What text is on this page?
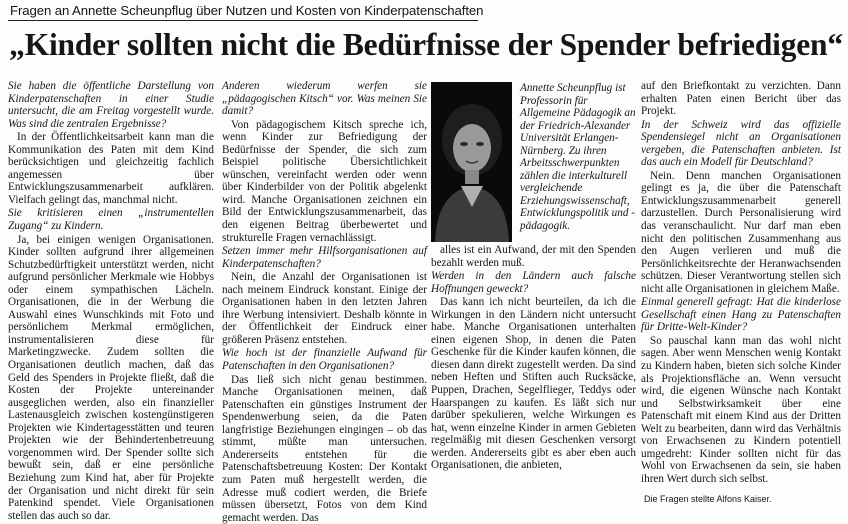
Fragen an Annette Scheunpflug über Nutzen und Kosten von Kinderpatenschaften
„Kinder sollten nicht die Bedürfnisse der Spender befriedigen“

Sie haben die öffentliche Darstellung von Kinderpatenschaften in einer Studie untersucht, die am Freitag vorgestellt wurde. Was sind die zentralen Ergebnisse?

In der Öffentlichkeitsarbeit kann man die Kommunikation des Paten mit dem Kind berücksichtigen und gleichzeitig fachlich angemessen über Entwicklungszusammenarbeit aufklären. Vielfach gelingt das, manchmal nicht.

Sie kritisieren einen „instrumentellen Zugang“ zu Kindern.

Ja, bei einigen wenigen Organisationen. Kinder sollten aufgrund ihrer allgemeinen Schutzbedürftigkeit unterstützt werden, nicht aufgrund persönlicher Merkmale wie Hobbys oder einem sympathischen Lächeln. Organisationen, die in der Werbung die Auswahl eines Wunschkinds mit Foto und persönlichem Merkmal ermöglichen, instrumentalisieren diese für Marketingzwecke. Zudem sollten die Organisationen deutlich machen, daß das Geld des Spenders in Projekte fließt, daß die Kosten der Projekte untereinander ausgeglichen werden, also ein finanzieller Lastenausgleich zwischen kostengünstigeren Projekten wie Kindertagesstätten und teuren Projekten wie der Behindertenbetreuung vorgenommen wird. Der Spender sollte sich bewußt sein, daß er eine persönliche Beziehung zum Kind hat, aber für Projekte der Organisation und nicht direkt für sein Patenkind spendet. Viele Organisationen stellen das auch so dar.

Anderen wiederum werfen sie „pädagogischen Kitsch“ vor. Was meinen Sie damit?

Von pädagogischem Kitsch spreche ich, wenn Kinder zur Befriedigung der Bedürfnisse der Spender, die sich zum Beispiel politische Übersichtlichkeit wünschen, vereinfacht werden oder wenn über Kinderbilder von der Politik abgelenkt wird. Manche Organisationen zeichnen ein Bild der Entwicklungszusammenarbeit, das den eigenen Beitrag überbewertet und strukturelle Fragen vernachlässigt.

Setzen immer mehr Hilfsorganisationen auf Kinderpatenschaften?

Nein, die Anzahl der Organisationen ist nach meinem Eindruck konstant. Einige der Organisationen haben in den letzten Jahren ihre Werbung intensiviert. Deshalb könnte in der Öffentlichkeit der Eindruck einer größeren Präsenz entstehen.

Wie hoch ist der finanzielle Aufwand für Patenschaften in den Organisationen?

Das ließ sich nicht genau bestimmen. Manche Organisationen meinen, daß Patenschaften ein günstiges Instrument der Spendenwerbung seien, da die Paten langfristige Beziehungen eingingen – ob das stimmt, müßte man untersuchen. Andererseits entstehen für die Patenschaftsbetreuung Kosten: Der Kontakt zum Paten muß hergestellt werden, die Adresse muß codiert werden, die Briefe müssen übersetzt, Fotos von dem Kind gemacht werden. Das

Annette Scheunpflug ist Professorin für Allgemeine Pädagogik an der Friedrich-Alexander Universität Erlangen-Nürnberg. Zu ihren Arbeitsschwerpunkten zählen die interkulturell vergleichende Erziehungswissenschaft, Entwicklungspolitik und -pädagogik.

alles ist ein Aufwand, der mit den Spenden bezahlt werden muß.

Werden in den Ländern auch falsche Hoffnungen geweckt?

Das kann ich nicht beurteilen, da ich die Wirkungen in den Ländern nicht untersucht habe. Manche Organisationen unterhalten einen eigenen Shop, in denen die Paten Geschenke für die Kinder kaufen können, die diesen dann direkt zugestellt werden. Da sind neben Heften und Stiften auch Rucksäcke, Puppen, Drachen, Segelflieger, Teddys oder Haarspangen zu kaufen. Es läßt sich nur darüber spekulieren, welche Wirkungen es hat, wenn einzelne Kinder in armen Gebieten regelmäßig mit diesen Geschenken versorgt werden. Andererseits gibt es aber eben auch Organisationen, die anbieten,

auf den Briefkontakt zu verzichten. Dann erhalten Paten einen Bericht über das Projekt.

In der Schweiz wird das offizielle Spendensiegel nicht an Organisationen vergeben, die Patenschaften anbieten. Ist das auch ein Modell für Deutschland?

Nein. Denn manchen Organisationen gelingt es ja, die über die Patenschaft Entwicklungszusammenarbeit generell darzustellen. Durch Personalisierung wird das veranschaulicht. Nur darf man eben nicht den politischen Zusammenhang aus den Augen verlieren und muß die Persönlichkeitsrechte der Heranwachsenden schützen. Dieser Verantwortung stellen sich nicht alle Organisationen in gleichem Maße.

Einmal generell gefragt: Hat die kinderlose Gesellschaft einen Hang zu Patenschaften für Dritte-Welt-Kinder?

So pauschal kann man das wohl nicht sagen. Aber wenn Menschen wenig Kontakt zu Kindern haben, bieten sich solche Kinder als Projektionsfläche an. Wenn versucht wird, die eigenen Wünsche nach Kontakt und Selbstwirksamkeit über eine Patenschaft mit einem Kind aus der Dritten Welt zu bearbeiten, dann wird das Verhältnis von Erwachsenen zu Kindern potentiell umgedreht: Kinder sollten nicht für das Wohl von Erwachsenen da sein, sie haben ihren Wert durch sich selbst.

Die Fragen stellte Alfons Kaiser.
